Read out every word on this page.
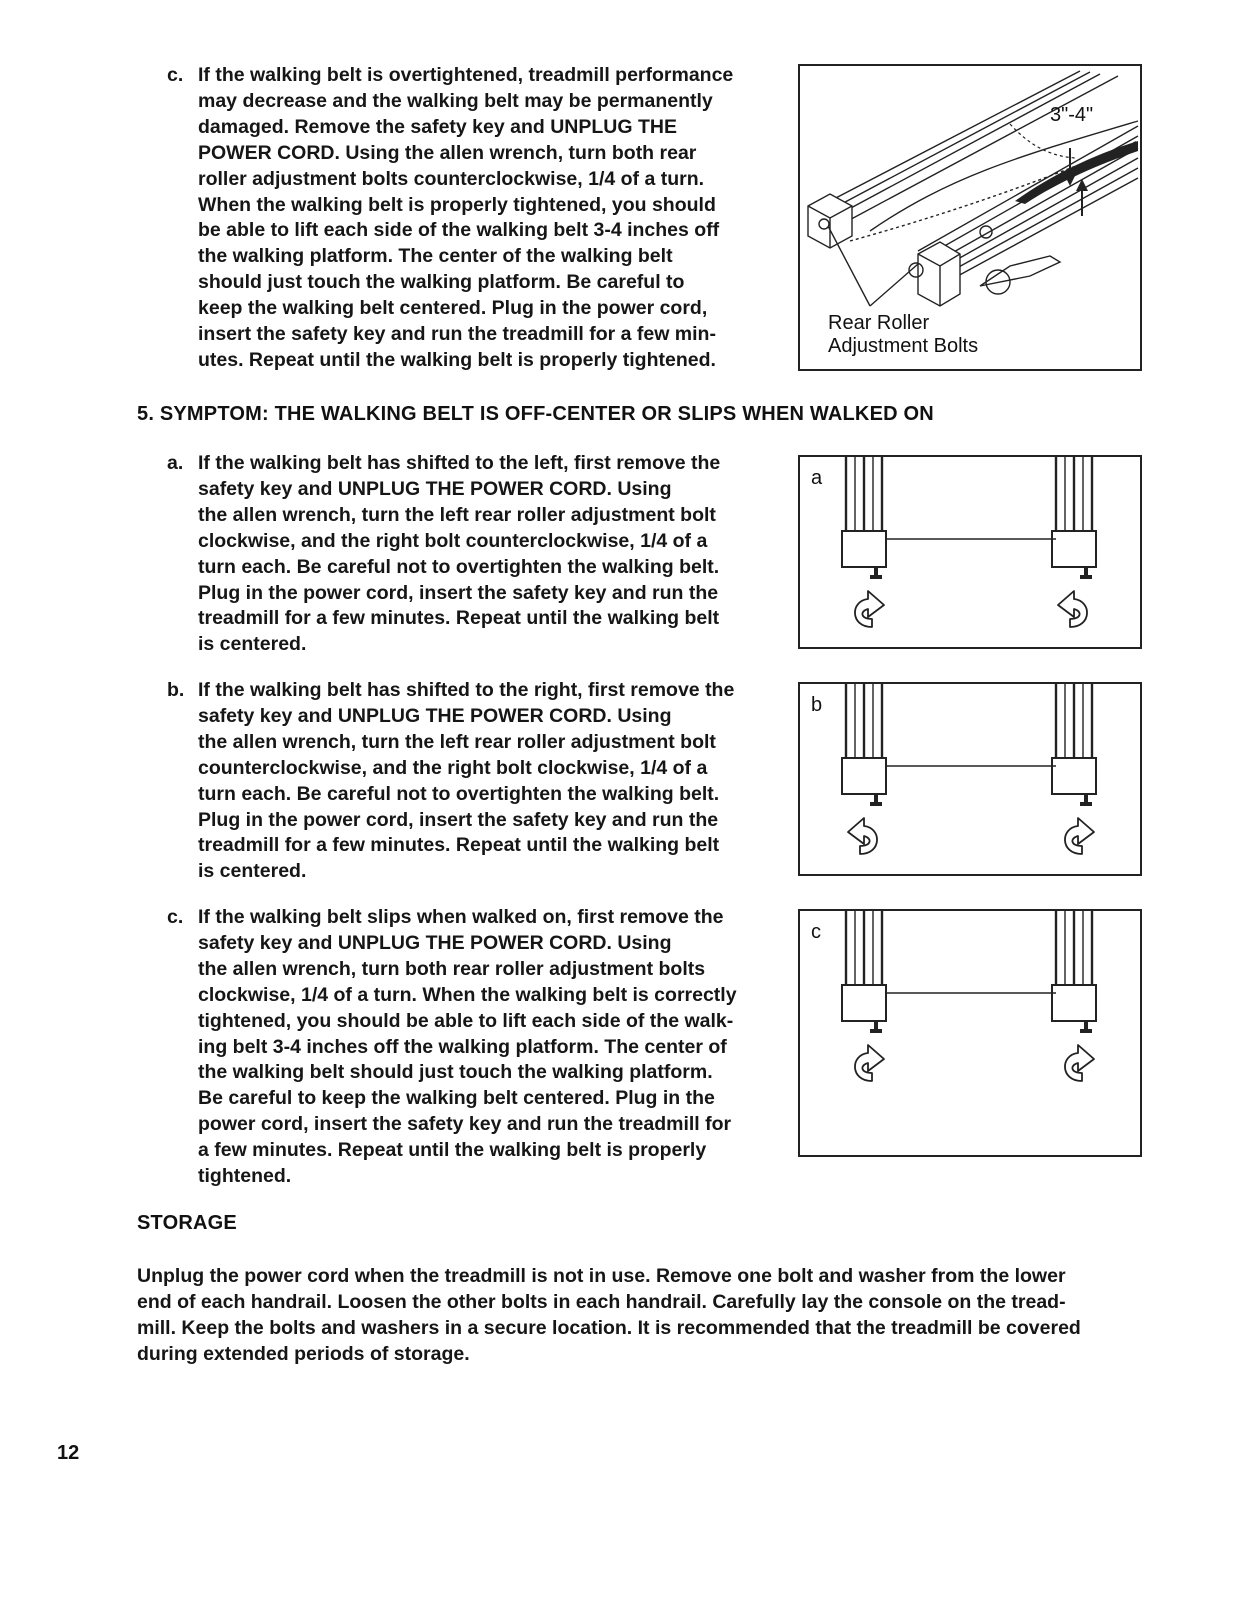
c. If the walking belt is overtightened, treadmill performance
may decrease and the walking belt may be permanently
damaged. Remove the safety key and UNPLUG THE
POWER CORD. Using the allen wrench, turn both rear
roller adjustment bolts counterclockwise, 1/4 of a turn.
When the walking belt is properly tightened, you should
be able to lift each side of the walking belt 3-4 inches off
the walking platform. The center of the walking belt
should just touch the walking platform. Be careful to
keep the walking belt centered. Plug in the power cord,
insert the safety key and run the treadmill for a few min-
utes. Repeat until the walking belt is properly tightened.
3"-4"
Rear Roller
Adjustment Bolts
5. SYMPTOM: THE WALKING BELT IS OFF-CENTER OR SLIPS WHEN WALKED ON
a. If the walking belt has shifted to the left, first remove the
safety key and UNPLUG THE POWER CORD. Using
the allen wrench, turn the left rear roller adjustment bolt
clockwise, and the right bolt counterclockwise, 1/4 of a
turn each. Be careful not to overtighten the walking belt.
Plug in the power cord, insert the safety key and run the
treadmill for a few minutes. Repeat until the walking belt
is centered.
b. If the walking belt has shifted to the right, first remove the
safety key and UNPLUG THE POWER CORD. Using
the allen wrench, turn the left rear roller adjustment bolt
counterclockwise, and the right bolt clockwise, 1/4 of a
turn each. Be careful not to overtighten the walking belt.
Plug in the power cord, insert the safety key and run the
treadmill for a few minutes. Repeat until the walking belt
is centered.
c. If the walking belt slips when walked on, first remove the
safety key and UNPLUG THE POWER CORD. Using
the allen wrench, turn both rear roller adjustment bolts
clockwise, 1/4 of a turn. When the walking belt is correctly
tightened, you should be able to lift each side of the walk-
ing belt 3-4 inches off the walking platform. The center of
the walking belt should just touch the walking platform.
Be careful to keep the walking belt centered. Plug in the
power cord, insert the safety key and run the treadmill for
a few minutes. Repeat until the walking belt is properly
tightened.
a
b
c
STORAGE
Unplug the power cord when the treadmill is not in use. Remove one bolt and washer from the lower
end of each handrail. Loosen the other bolts in each handrail. Carefully lay the console on the tread-
mill. Keep the bolts and washers in a secure location. It is recommended that the treadmill be covered
during extended periods of storage.
12
